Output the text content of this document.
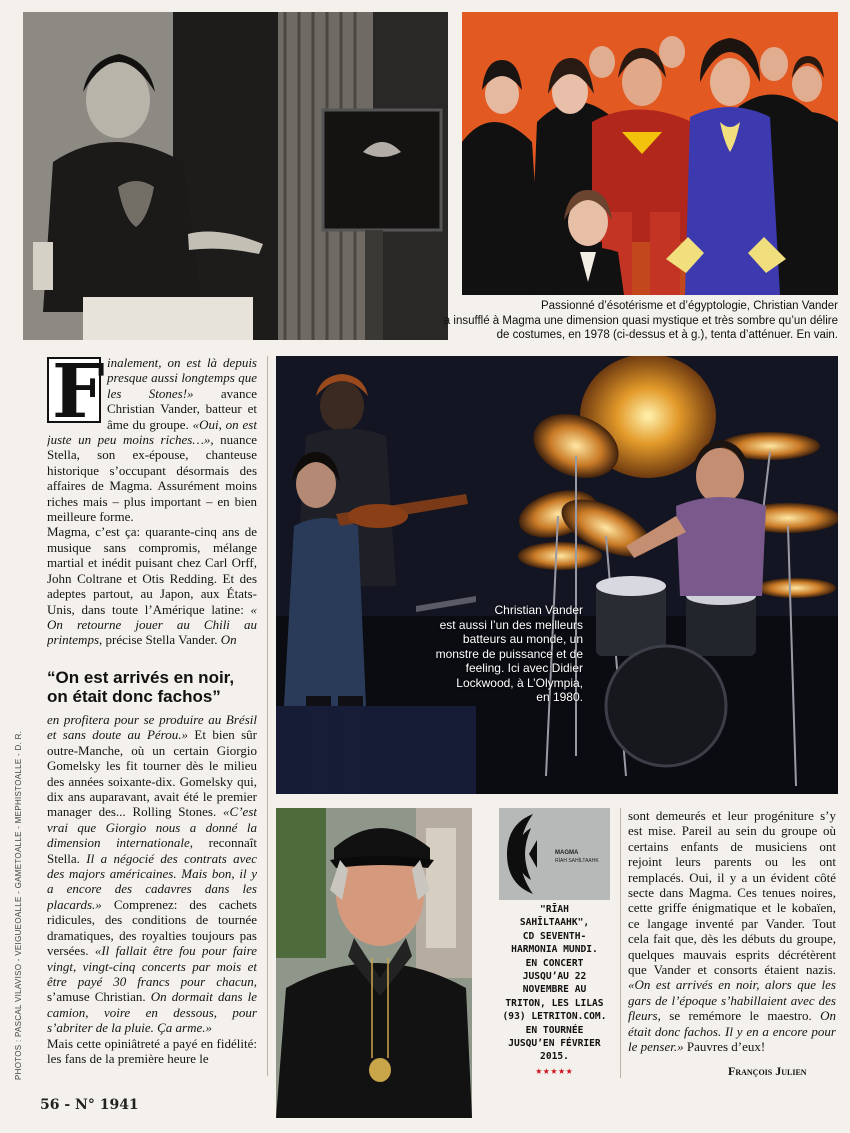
Passionné d’ésotérisme et d’égyptologie, Christian Vander
a insufflé à Magma une dimension quasi mystique et très sombre qu’un délire
de costumes, en 1978 (ci-dessus et à g.), tenta d’atténuer. En vain.
Christian Vander
est aussi l’un des meilleurs
batteurs au monde, un
monstre de puissance et de
feeling. Ici avec Didier
Lockwood, à L’Olympia,
en 1980.
F inalement, on est là depuis presque aussi longtemps que les Stones!» avance Christian Vander, batteur et âme du groupe. «Oui, on est juste un peu moins riches…», nuance Stella, son ex-épouse, chanteuse historique s’occupant désormais des affaires de Magma. Assurément moins riches mais – plus important – en bien meilleure forme.

Magma, c’est ça: quarante-cinq ans de musique sans compromis, mélange martial et inédit puisant chez Carl Orff, John Coltrane et Otis Redding. Et des adeptes partout, au Japon, aux États-Unis, dans toute l’Amérique latine: « On retourne jouer au Chili au printemps, précise Stella Vander. On

“On est arrivés en noir, on était donc fachos”

en profitera pour se produire au Brésil et sans doute au Pérou.» Et bien sûr outre-Manche, où un certain Giorgio Gomelsky les fit tourner dès le milieu des années soixante-dix. Gomelsky qui, dix ans auparavant, avait été le premier manager des... Rolling Stones. «C’est vrai que Giorgio nous a donné la dimension internationale, reconnaît Stella. Il a négocié des contrats avec des majors américaines. Mais bon, il y a encore des cadavres dans les placards.» Comprenez: des cachets ridicules, des conditions de tournée dramatiques, des royalties toujours pas versées. «Il fallait être fou pour faire vingt, vingt-cinq concerts par mois et être payé 30 francs pour chacun, s’amuse Christian. On dormait dans le camion, voire en dessous, pour s’abriter de la pluie. Ça arme.»

Mais cette opiniâtreté a payé en fidélité: les fans de la première heure le

MAGMA
RĪAH SAHĪLTAAHK
"RĪAH
SAHĪLTAAHK",
CD SEVENTH-
HARMONIA MUNDI.
EN CONCERT
JUSQU’AU 22
NOVEMBRE AU
TRITON, LES LILAS
(93) LETRITON.COM.
EN TOURNÉE
JUSQU’EN FÉVRIER
2015.
★★★★★

sont demeurés et leur progéniture s’y est mise. Pareil au sein du groupe où certains enfants de musiciens ont rejoint leurs parents ou les ont remplacés. Oui, il y a un évident côté secte dans Magma. Ces tenues noires, cette griffe énigmatique et le kobaïen, ce langage inventé par Vander. Tout cela fait que, dès les débuts du groupe, quelques mauvais esprits décrétèrent que Vander et consorts étaient nazis. «On est arrivés en noir, alors que les gars de l’époque s’habillaient avec des fleurs, se remémore le maestro. On était donc fachos. Il y en a encore pour le penser.» Pauvres d’eux!

François Julien
PHOTOS : PASCAL VILAVISO - VEIGUEOALLE - GAMETOALLE - MEPHISTOALLE - D. R.
56 - N° 1941
